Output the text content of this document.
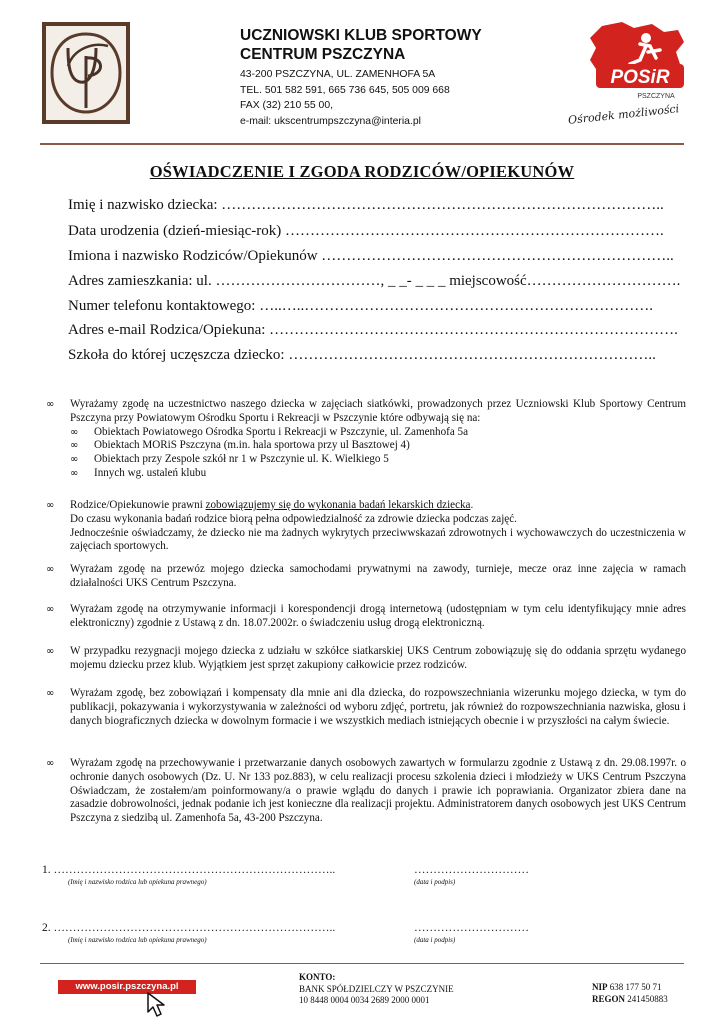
UCZNIOWSKI KLUB SPORTOWY
CENTRUM PSZCZYNA
43-200 PSZCZYNA, UL. ZAMENHOFA 5A
TEL. 501 582 591, 665 736 645, 505 009 668
FAX (32) 210 55 00,
e-mail: ukscentrumpszczyna@interia.pl
POSiR
PSZCZYNA
Ośrodek możliwości
OŚWIADCZENIE I ZGODA RODZICÓW/OPIEKUNÓW
Imię i nazwisko dziecka: ……………………………………………………………………………..
Data urodzenia (dzień-miesiąc-rok) ………………………………………………………………….
Imiona i nazwisko Rodziców/Opiekunów ……………………………………………………………..
Adres zamieszkania: ul. ……………………………, _ _- _ _ _ miejscowość………………………….
Numer telefonu kontaktowego: …..…..…………………………………………………………….
Adres e-mail Rodzica/Opiekuna: ……………………………………………………………………….
Szkoła do której uczęszcza dziecko: ………………………………………………………………..
∞	Wyrażamy zgodę na uczestnictwo naszego dziecka w zajęciach siatkówki, prowadzonych przez Uczniowski Klub Sportowy Centrum Pszczyna przy Powiatowym Ośrodku Sportu i Rekreacji w Pszczynie które odbywają się na:
∞	Obiektach Powiatowego Ośrodka Sportu i Rekreacji w Pszczynie, ul. Zamenhofa 5a
∞	Obiektach MORiS Pszczyna (m.in. hala sportowa przy ul Basztowej 4)
∞	Obiektach przy Zespole szkół nr 1 w Pszczynie ul. K. Wielkiego 5
∞	Innych wg. ustaleń klubu
∞	Rodzice/Opiekunowie prawni zobowiązujemy się do wykonania badań lekarskich dziecka.
Do czasu wykonania badań rodzice biorą pełna odpowiedzialność za zdrowie dziecka podczas zajęć.
Jednocześnie oświadczamy, że dziecko nie ma żadnych wykrytych przeciwwskazań zdrowotnych i wychowawczych do uczestniczenia w zajęciach sportowych.
∞	Wyrażam zgodę na przewóz mojego dziecka samochodami prywatnymi na zawody, turnieje, mecze oraz inne zajęcia w ramach działalności UKS Centrum Pszczyna.
∞	Wyrażam zgodę na otrzymywanie informacji i korespondencji drogą internetową (udostępniam w tym celu identyfikujący mnie adres elektroniczny) zgodnie z Ustawą z dn. 18.07.2002r. o świadczeniu usług drogą elektroniczną.
∞	W przypadku rezygnacji mojego dziecka z udziału w szkółce siatkarskiej UKS Centrum zobowiązuję się do oddania sprzętu wydanego mojemu dziecku przez klub. Wyjątkiem jest sprzęt zakupiony całkowicie przez rodziców.
∞	Wyrażam zgodę, bez zobowiązań i kompensaty dla mnie ani dla dziecka, do rozpowszechniania wizerunku mojego dziecka, w tym do publikacji, pokazywania i wykorzystywania w zależności od wyboru zdjęć, portretu, jak również do rozpowszechniania nazwiska, głosu i danych biograficznych dziecka w dowolnym formacie i we wszystkich mediach istniejących obecnie i w przyszłości na całym świecie.
∞	Wyrażam zgodę na przechowywanie i przetwarzanie danych osobowych zawartych w formularzu zgodnie z Ustawą z dn. 29.08.1997r. o ochronie danych osobowych (Dz. U. Nr 133 poz.883), w celu realizacji procesu szkolenia dzieci i młodzieży w UKS Centrum Pszczyna Oświadczam, że zostałem/am poinformowany/a o prawie wglądu do danych i prawie ich poprawiania. Organizator zbiera dane na zasadzie dobrowolności, jednak podanie ich jest konieczne dla realizacji projektu. Administratorem danych osobowych jest UKS Centrum Pszczyna z siedzibą ul. Zamenhofa 5a, 43-200 Pszczyna.
1. ………………………………………………………………..
(Imię i nazwisko rodzica lub opiekuna prawnego)
…………………………
(data i podpis)
2. ………………………………………………………………..
(Imię i nazwisko rodzica lub opiekuna prawnego)
…………………………
(data i podpis)
www.posir.pszczyna.pl
KONTO:
BANK SPÓŁDZIELCZY W PSZCZYNIE
10 8448 0004 0034 2689 2000 0001
NIP 638 177 50 71
REGON 241450883
